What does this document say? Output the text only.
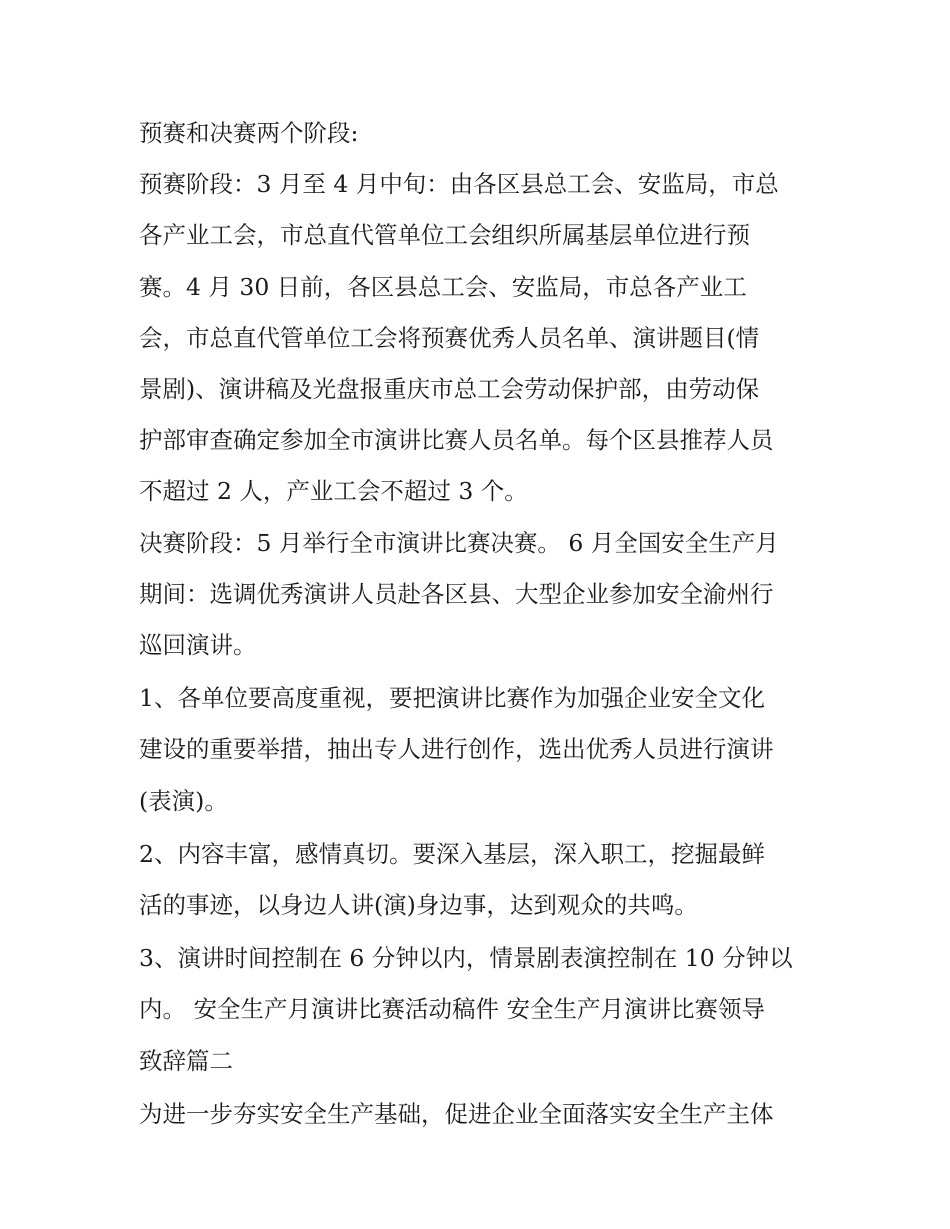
预赛和决赛两个阶段:

预赛阶段：3 月至 4 月中旬：由各区县总工会、安监局，市总

各产业工会，市总直代管单位工会组织所属基层单位进行预

赛。4 月 30 日前，各区县总工会、安监局，市总各产业工

会，市总直代管单位工会将预赛优秀人员名单、演讲题目(情

景剧)、演讲稿及光盘报重庆市总工会劳动保护部，由劳动保

护部审查确定参加全市演讲比赛人员名单。每个区县推荐人员

不超过 2 人，产业工会不超过 3 个。

决赛阶段：5 月举行全市演讲比赛决赛。 6 月全国安全生产月

期间：选调优秀演讲人员赴各区县、大型企业参加安全渝州行

巡回演讲。

1、各单位要高度重视，要把演讲比赛作为加强企业安全文化

建设的重要举措，抽出专人进行创作，选出优秀人员进行演讲

(表演)。

2、内容丰富，感情真切。要深入基层，深入职工，挖掘最鲜

活的事迹，以身边人讲(演)身边事，达到观众的共鸣。

3、演讲时间控制在 6 分钟以内，情景剧表演控制在 10 分钟以

内。 安全生产月演讲比赛活动稿件 安全生产月演讲比赛领导

致辞篇二

为进一步夯实安全生产基础，促进企业全面落实安全生产主体
